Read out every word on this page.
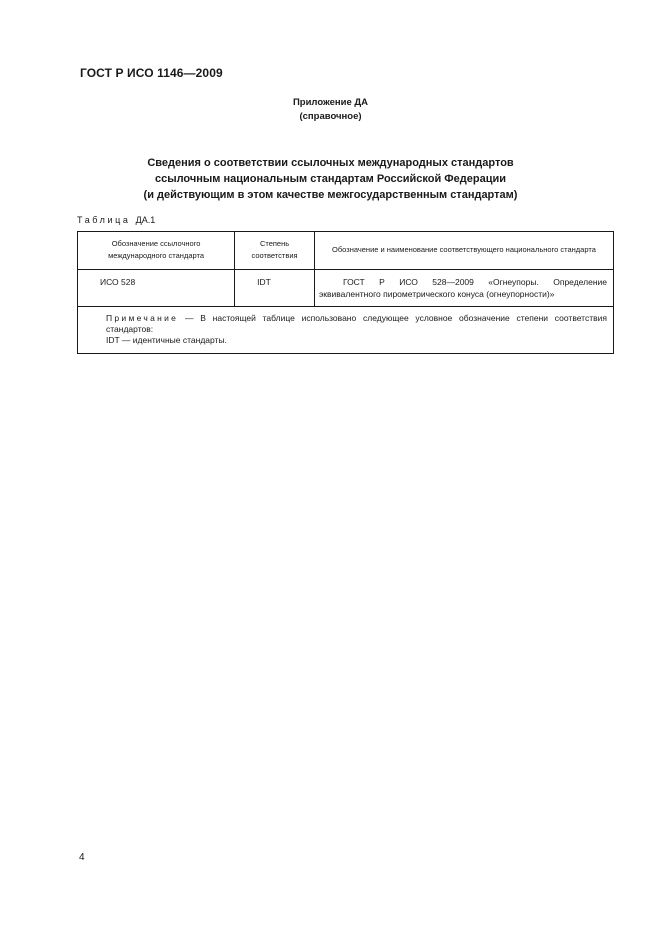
ГОСТ Р ИСО 1146—2009
Приложение ДА
(справочное)
Сведения о соответствии ссылочных международных стандартов
ссылочным национальным стандартам Российской Федерации
(и действующим в этом качестве межгосударственным стандартам)
Таблица ДА.1
Обозначение ссылочного международного стандарта	Степень соответствия	Обозначение и наименование соответствующего национального стандарта

ИСО 528	IDT	ГОСТ Р ИСО 528—2009 «Огнеупоры. Определение эквивалентного пирометрического конуса (огнеупорности)»

Примечание — В настоящей таблице использовано следующее условное обозначение степени соответствия стандартов:
IDT — идентичные стандарты.		
4
